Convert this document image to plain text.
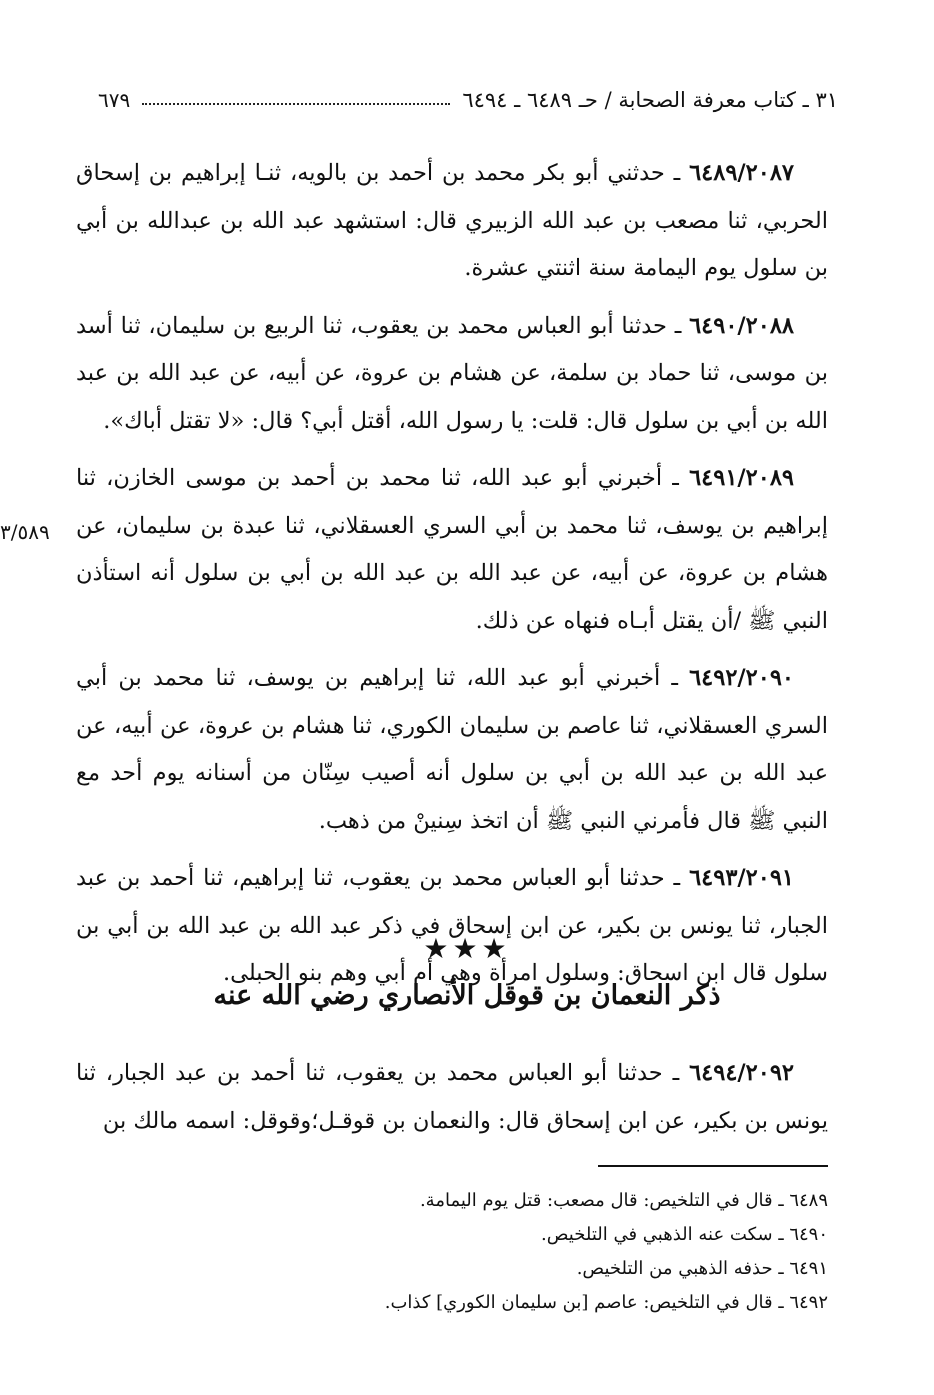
٣١ ـ كتاب معرفة الصحابة / حـ ٦٤٨٩ ـ ٦٤٩٤
٦٧٩

٦٤٨٩/٢٠٨٧ ـ حدثني أبو بكر محمد بن أحمد بن بالويه، ثنـا إبراهيم بن إسحاق الحربي، ثنا مصعب بن عبد الله الزبيري قال: استشهد عبد الله بن عبدالله بن أبي بن سلول يوم اليمامة سنة اثنتي عشرة.

٦٤٩٠/٢٠٨٨ ـ حدثنا أبو العباس محمد بن يعقوب، ثنا الربيع بن سليمان، ثنا أسد بن موسى، ثنا حماد بن سلمة، عن هشام بن عروة، عن أبيه، عن عبد الله بن عبد الله بن أبي بن سلول قال: قلت: يا رسول الله، أقتل أبي؟ قال: «لا تقتل أباك».

٦٤٩١/٢٠٨٩ ـ أخبرني أبو عبد الله، ثنا محمد بن أحمد بن موسى الخازن، ثنا إبراهيم بن يوسف، ثنا محمد بن أبي السري العسقلاني، ثنا عبدة بن سليمان، عن هشام بن عروة، عن أبيه، عن عبد الله بن عبد الله بن أبي بن سلول أنه استأذن النبي ﷺ /أن يقتل أبـاه فنهاه عن ذلك.

٦٤٩٢/٢٠٩٠ ـ أخبرني أبو عبد الله، ثنا إبراهيم بن يوسف، ثنا محمد بن أبي السري العسقلاني، ثنا عاصم بن سليمان الكوري، ثنا هشام بن عروة، عن أبيه، عن عبد الله بن عبد الله بن أبي بن سلول أنه أصيب سِنّان من أسنانه يوم أحد مع النبي ﷺ قال فأمرني النبي ﷺ أن اتخذ سِنينْ من ذهب.

٦٤٩٣/٢٠٩١ ـ حدثنا أبو العباس محمد بن يعقوب، ثنا إبراهيم، ثنا أحمد بن عبد الجبار، ثنا يونس بن بكير، عن ابن إسحاق في ذكر عبد الله بن عبد الله بن أبي بن سلول قال ابن اسحاق: وسلول امرأة وهي أم أبي وهم بنو الحبلى.

٣/٥٨٩
★★★
ذكر النعمان بن قوقل الأنصاري رضي الله عنه

٦٤٩٤/٢٠٩٢ ـ حدثنا أبو العباس محمد بن يعقوب، ثنا أحمد بن عبد الجبار، ثنا يونس بن بكير، عن ابن إسحاق قال: والنعمان بن قوقـل؛وقوقل: اسمه مالك بن

٦٤٨٩ ـ قال في التلخيص: قال مصعب: قتل يوم اليمامة.

٦٤٩٠ ـ سكت عنه الذهبي في التلخيص.

٦٤٩١ ـ حذفه الذهبي من التلخيص.

٦٤٩٢ ـ قال في التلخيص: عاصم [بن سليمان الكوري] كذاب.
